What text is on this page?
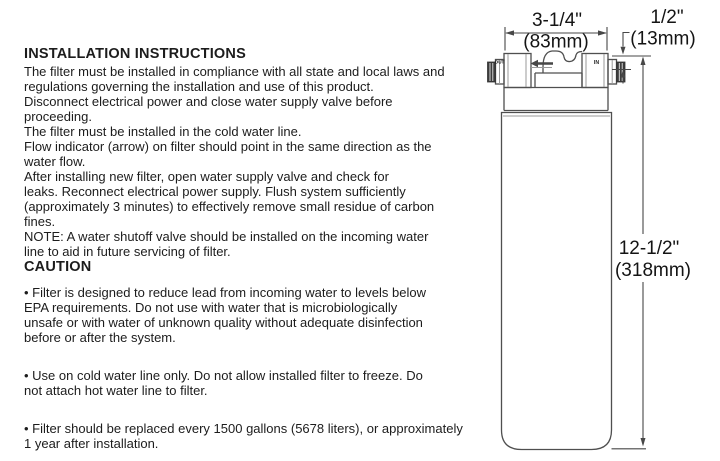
INSTALLATION INSTRUCTIONS
The filter must be installed in compliance with all state and local laws and
regulations governing the installation and use of this product.
Disconnect electrical power and close water supply valve before
proceeding.
The filter must be installed in the cold water line.
Flow indicator (arrow) on filter should point in the same direction as the
water flow.
After installing new filter, open water supply valve and check for
leaks. Reconnect electrical power supply. Flush system sufficiently
(approximately 3 minutes) to effectively remove small residue of carbon
fines.
NOTE: A water shutoff valve should be installed on the incoming water
line to aid in future servicing of filter.
CAUTION
• Filter is designed to reduce lead from incoming water to levels below
EPA requirements. Do not use with water that is microbiologically
unsafe or with water of unknown quality without adequate disinfection
before or after the system.
• Use on cold water line only. Do not allow installed filter to freeze. Do
not attach hot water line to filter.
• Filter should be replaced every 1500 gallons (5678 liters), or approximately
1 year after installation.
OUT	IN
3-1/4"
(83mm)
1/2"
(13mm)
12-1/2"
(318mm)
